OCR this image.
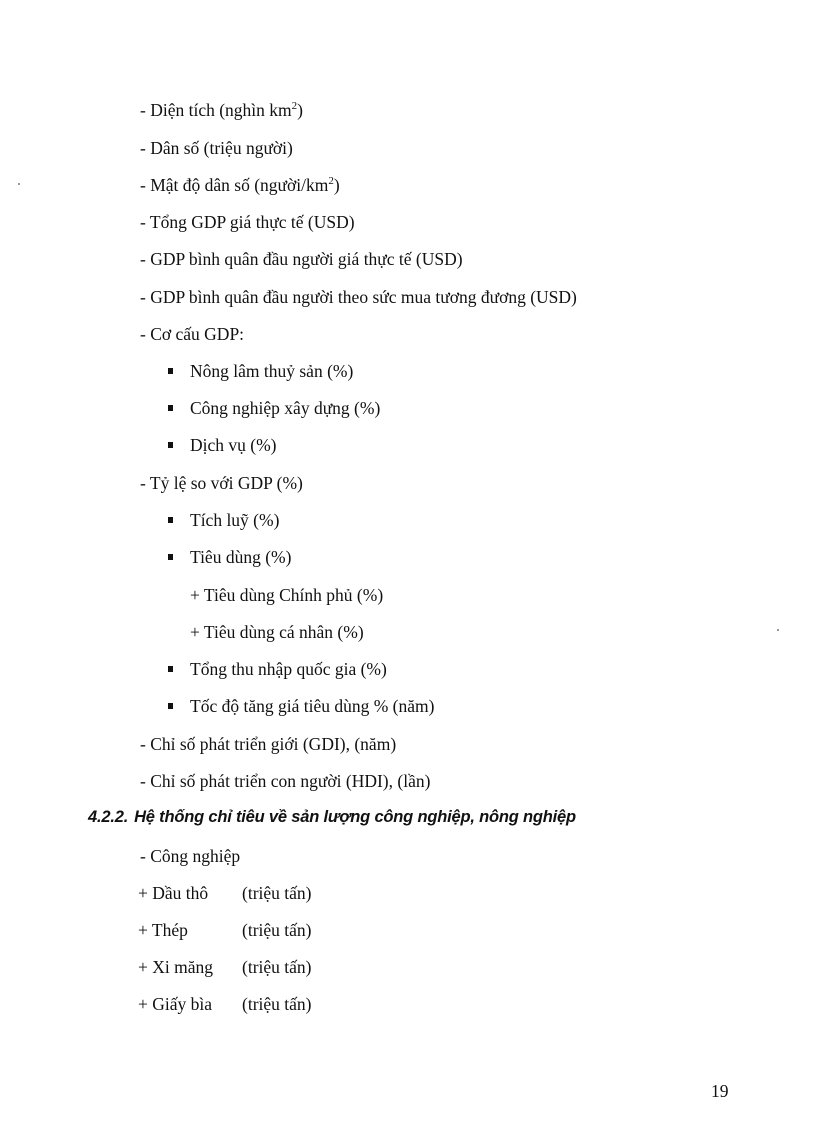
- Diện tích (nghìn $km^2$)
- Dân số (triệu người)
- Mật độ dân số $(người/km^2)$
- Tổng GDP giá thực tế (USD)
- GDP bình quân đầu người giá thực tế (USD)
- GDP bình quân đầu người theo sức mua tương đương (USD)
- Cơ cấu GDP:
Nông lâm thuỷ sản (%)
Công nghiệp xây dựng (%)
Dịch vụ (%)
- Tỷ lệ so với GDP (%)
Tích luỹ (%)
Tiêu dùng (%)
+ Tiêu dùng Chính phủ (%)
+ Tiêu dùng cá nhân (%)
Tổng thu nhập quốc gia (%)
Tốc độ tăng giá tiêu dùng % (năm)
- Chỉ số phát triển giới (GDI), (năm)
- Chỉ số phát triển con người (HDI), (lần)
4.2.2. Hệ thống chỉ tiêu về sản lượng công nghiệp, nông nghiệp
- Công nghiệp
+ Dầu thô (triệu tấn)
+ Thép	(triệu tấn)
+ Xi măng (triệu tấn)
+ Giấy bìa (triệu tấn)
19
